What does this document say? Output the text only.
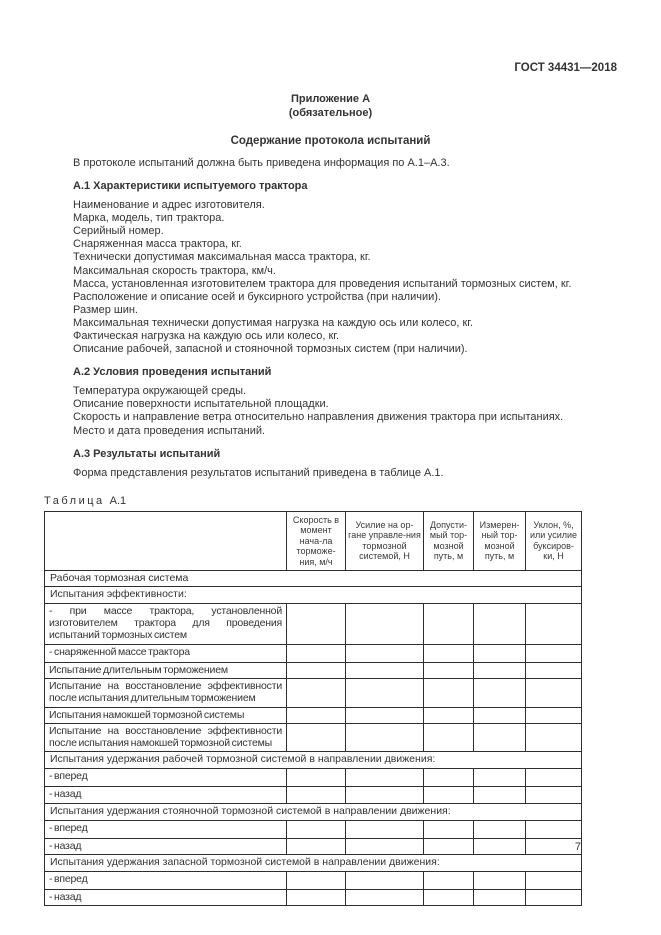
ГОСТ 34431—2018
Приложение А
(обязательное)
Содержание протокола испытаний

В протоколе испытаний должна быть приведена информация по А.1–А.3.

А.1 Характеристики испытуемого трактора

Наименование и адрес изготовителя.

Марка, модель, тип трактора.

Серийный номер.

Снаряженная масса трактора, кг.

Технически допустимая максимальная масса трактора, кг.

Максимальная скорость трактора, км/ч.

Масса, установленная изготовителем трактора для проведения испытаний тормозных систем, кг.

Расположение и описание осей и буксирного устройства (при наличии).

Размер шин.

Максимальная технически допустимая нагрузка на каждую ось или колесо, кг.

Фактическая нагрузка на каждую ось или колесо, кг.

Описание рабочей, запасной и стояночной тормозных систем (при наличии).

А.2 Условия проведения испытаний

Температура окружающей среды.

Описание поверхности испытательной площадки.

Скорость и направление ветра относительно направления движения трактора при испытаниях.

Место и дата проведения испытаний.

А.3 Результаты испытаний

Форма представления результатов испытаний приведена в таблице А.1.

Таблица А.1
	Скорость в момент нача-ла торможе-ния, м/ч	Усилие на ор-гане управле-ния тормозной системой, Н	Допусти-мый тор-мозной путь, м	Измерен-ный тор-мозной путь, м	Уклон, %, или усилие буксиров-ки, Н
Рабочая тормозная система					
Испытания эффективности:					
- при массе трактора, установленной изготовителем трактора для проведения испытаний тормозных систем					
- снаряженной массе трактора					
Испытание длительным торможением					
Испытание на восстановление эффективности после испытания длительным торможением					
Испытания намокшей тормозной системы					
Испытание на восстановление эффективности после испытания намокшей тормозной системы					
Испытания удержания рабочей тормозной системой в направлении движения:					
- вперед					
- назад					
Испытания удержания стояночной тормозной системой в направлении движения:					
- вперед					
- назад					
Испытания удержания запасной тормозной системой в направлении движения:					
- вперед					
- назад					
7
